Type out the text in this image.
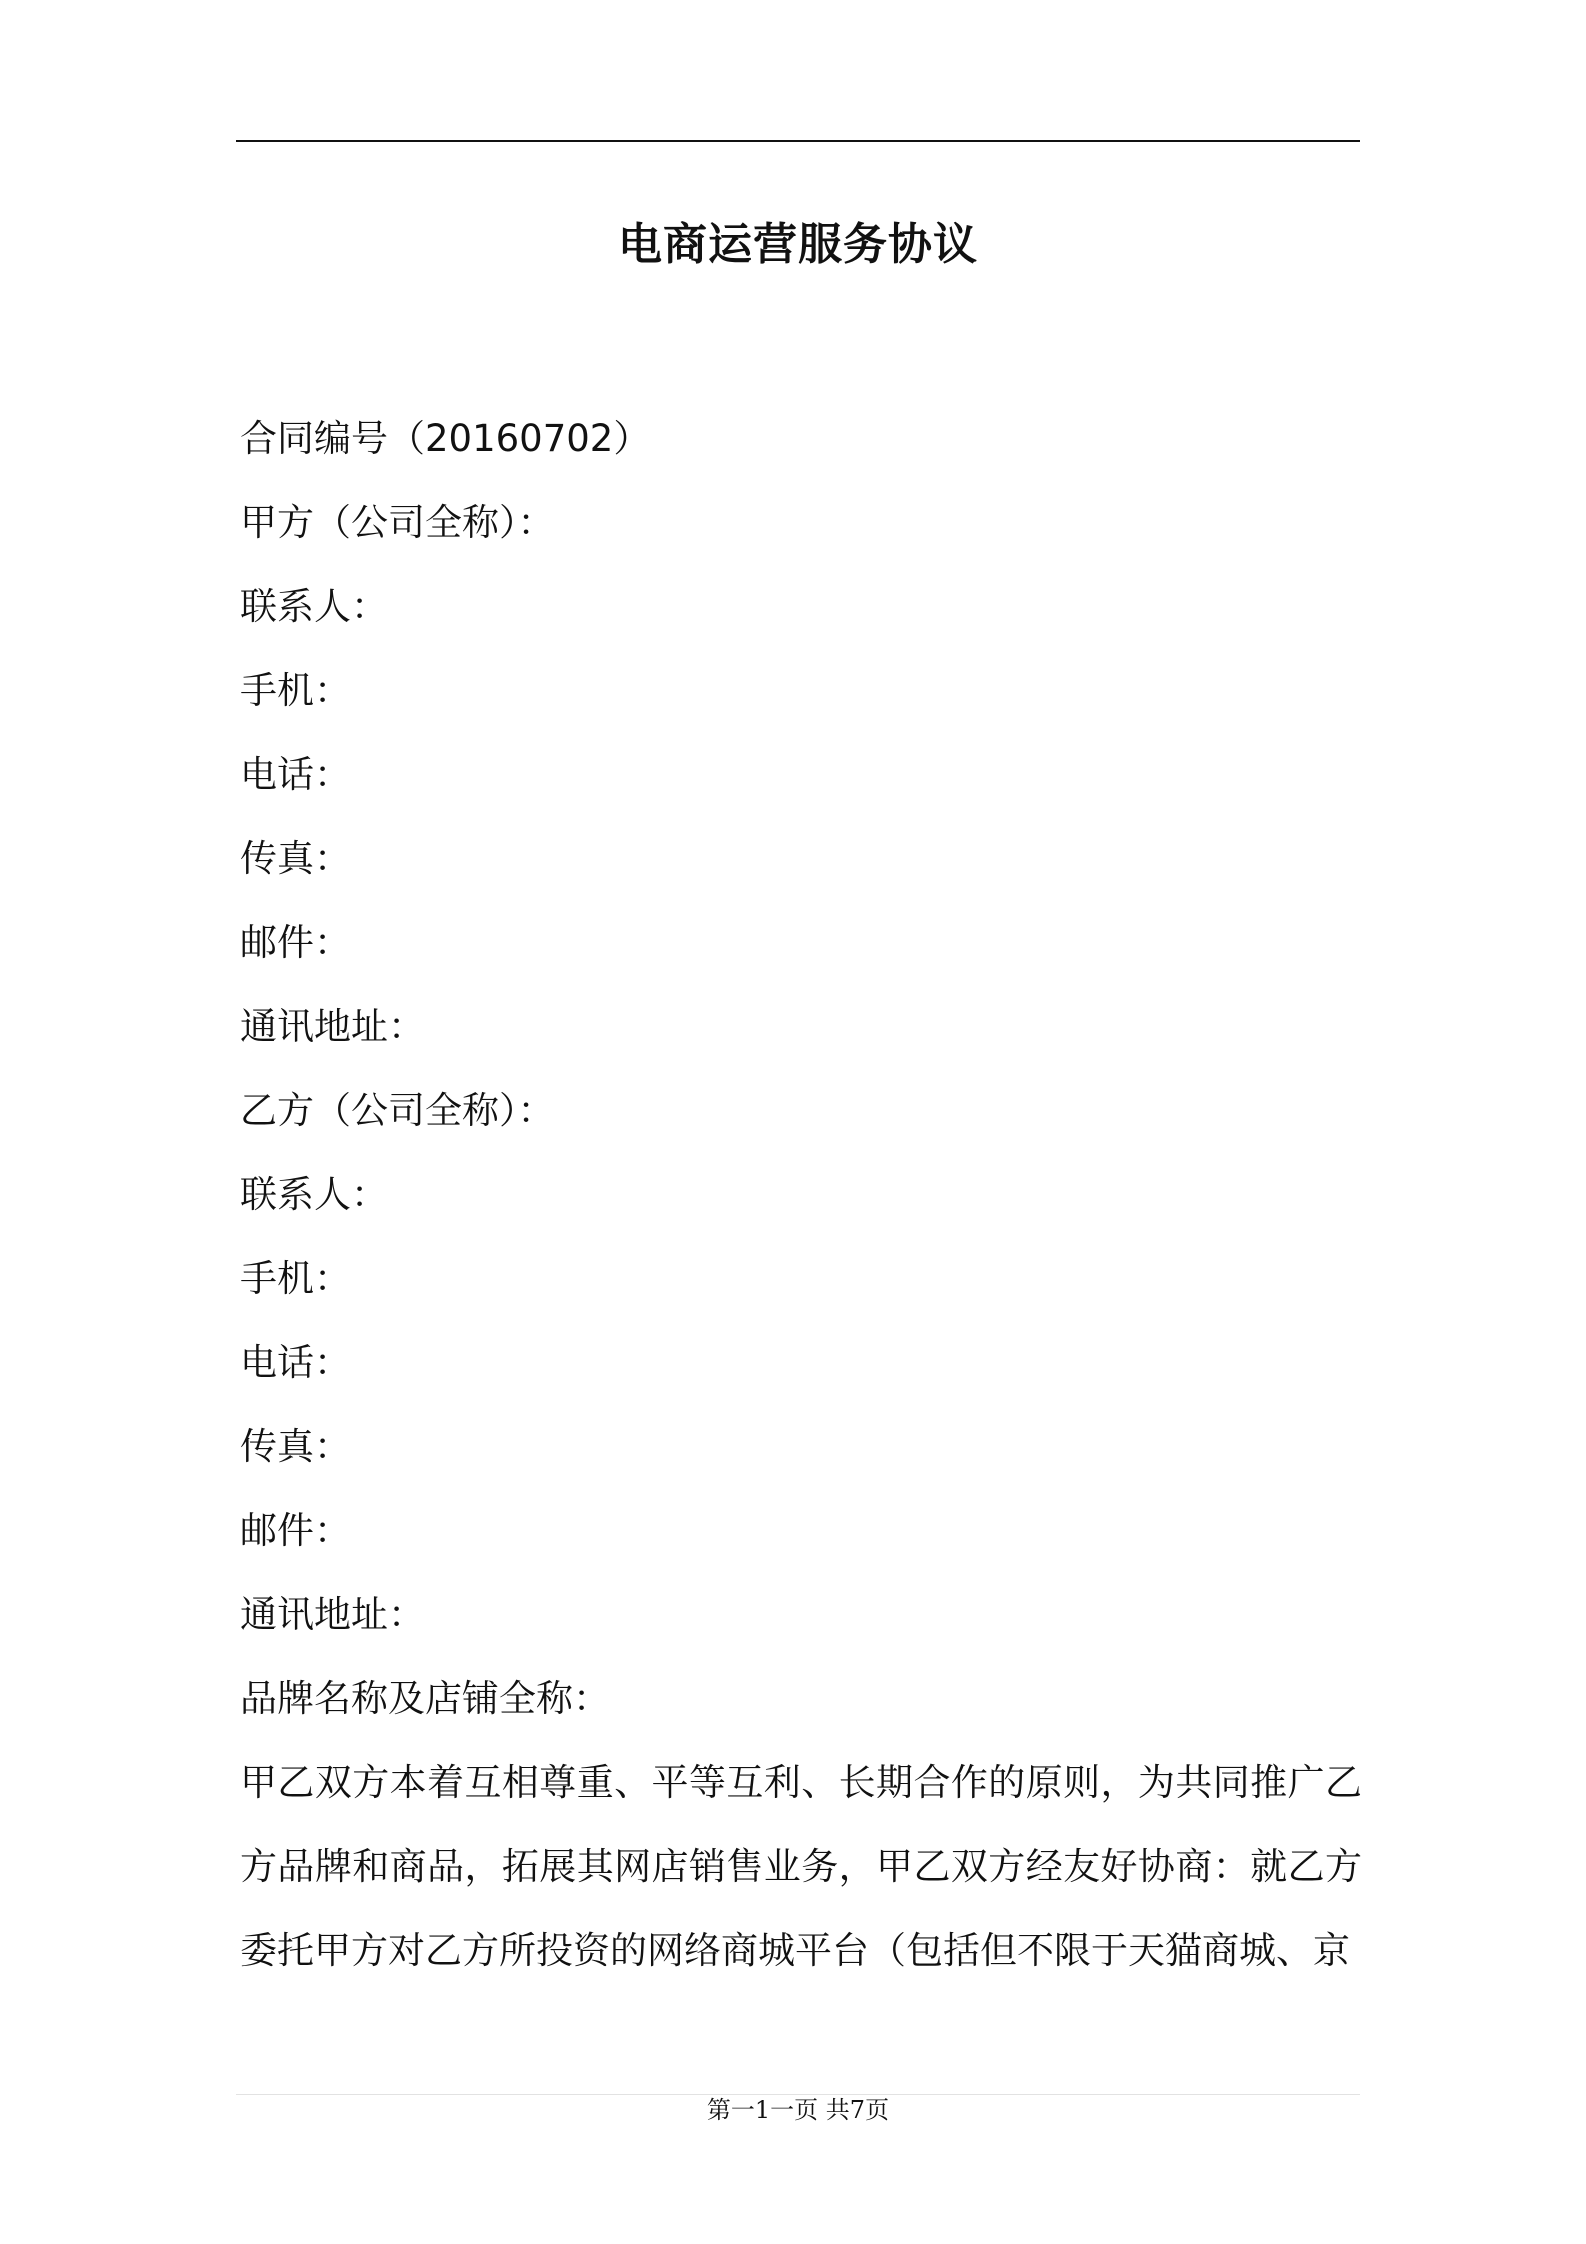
电商运营服务协议
合同编号（20160702）
甲方（公司全称）：
联系人：
手机：
电话：
传真：
邮件：
通讯地址：
乙方（公司全称）：
联系人：
手机：
电话：
传真：
邮件：
通讯地址：
品牌名称及店铺全称：

甲乙双方本着互相尊重、平等互利、长期合作的原则，为共同推广乙方品牌和商品，拓展其网店销售业务，甲乙双方经友好协商：就乙方委托甲方对乙方所投资的网络商城平台（包括但不限于天猫商城、京

第一1一页 共7页
